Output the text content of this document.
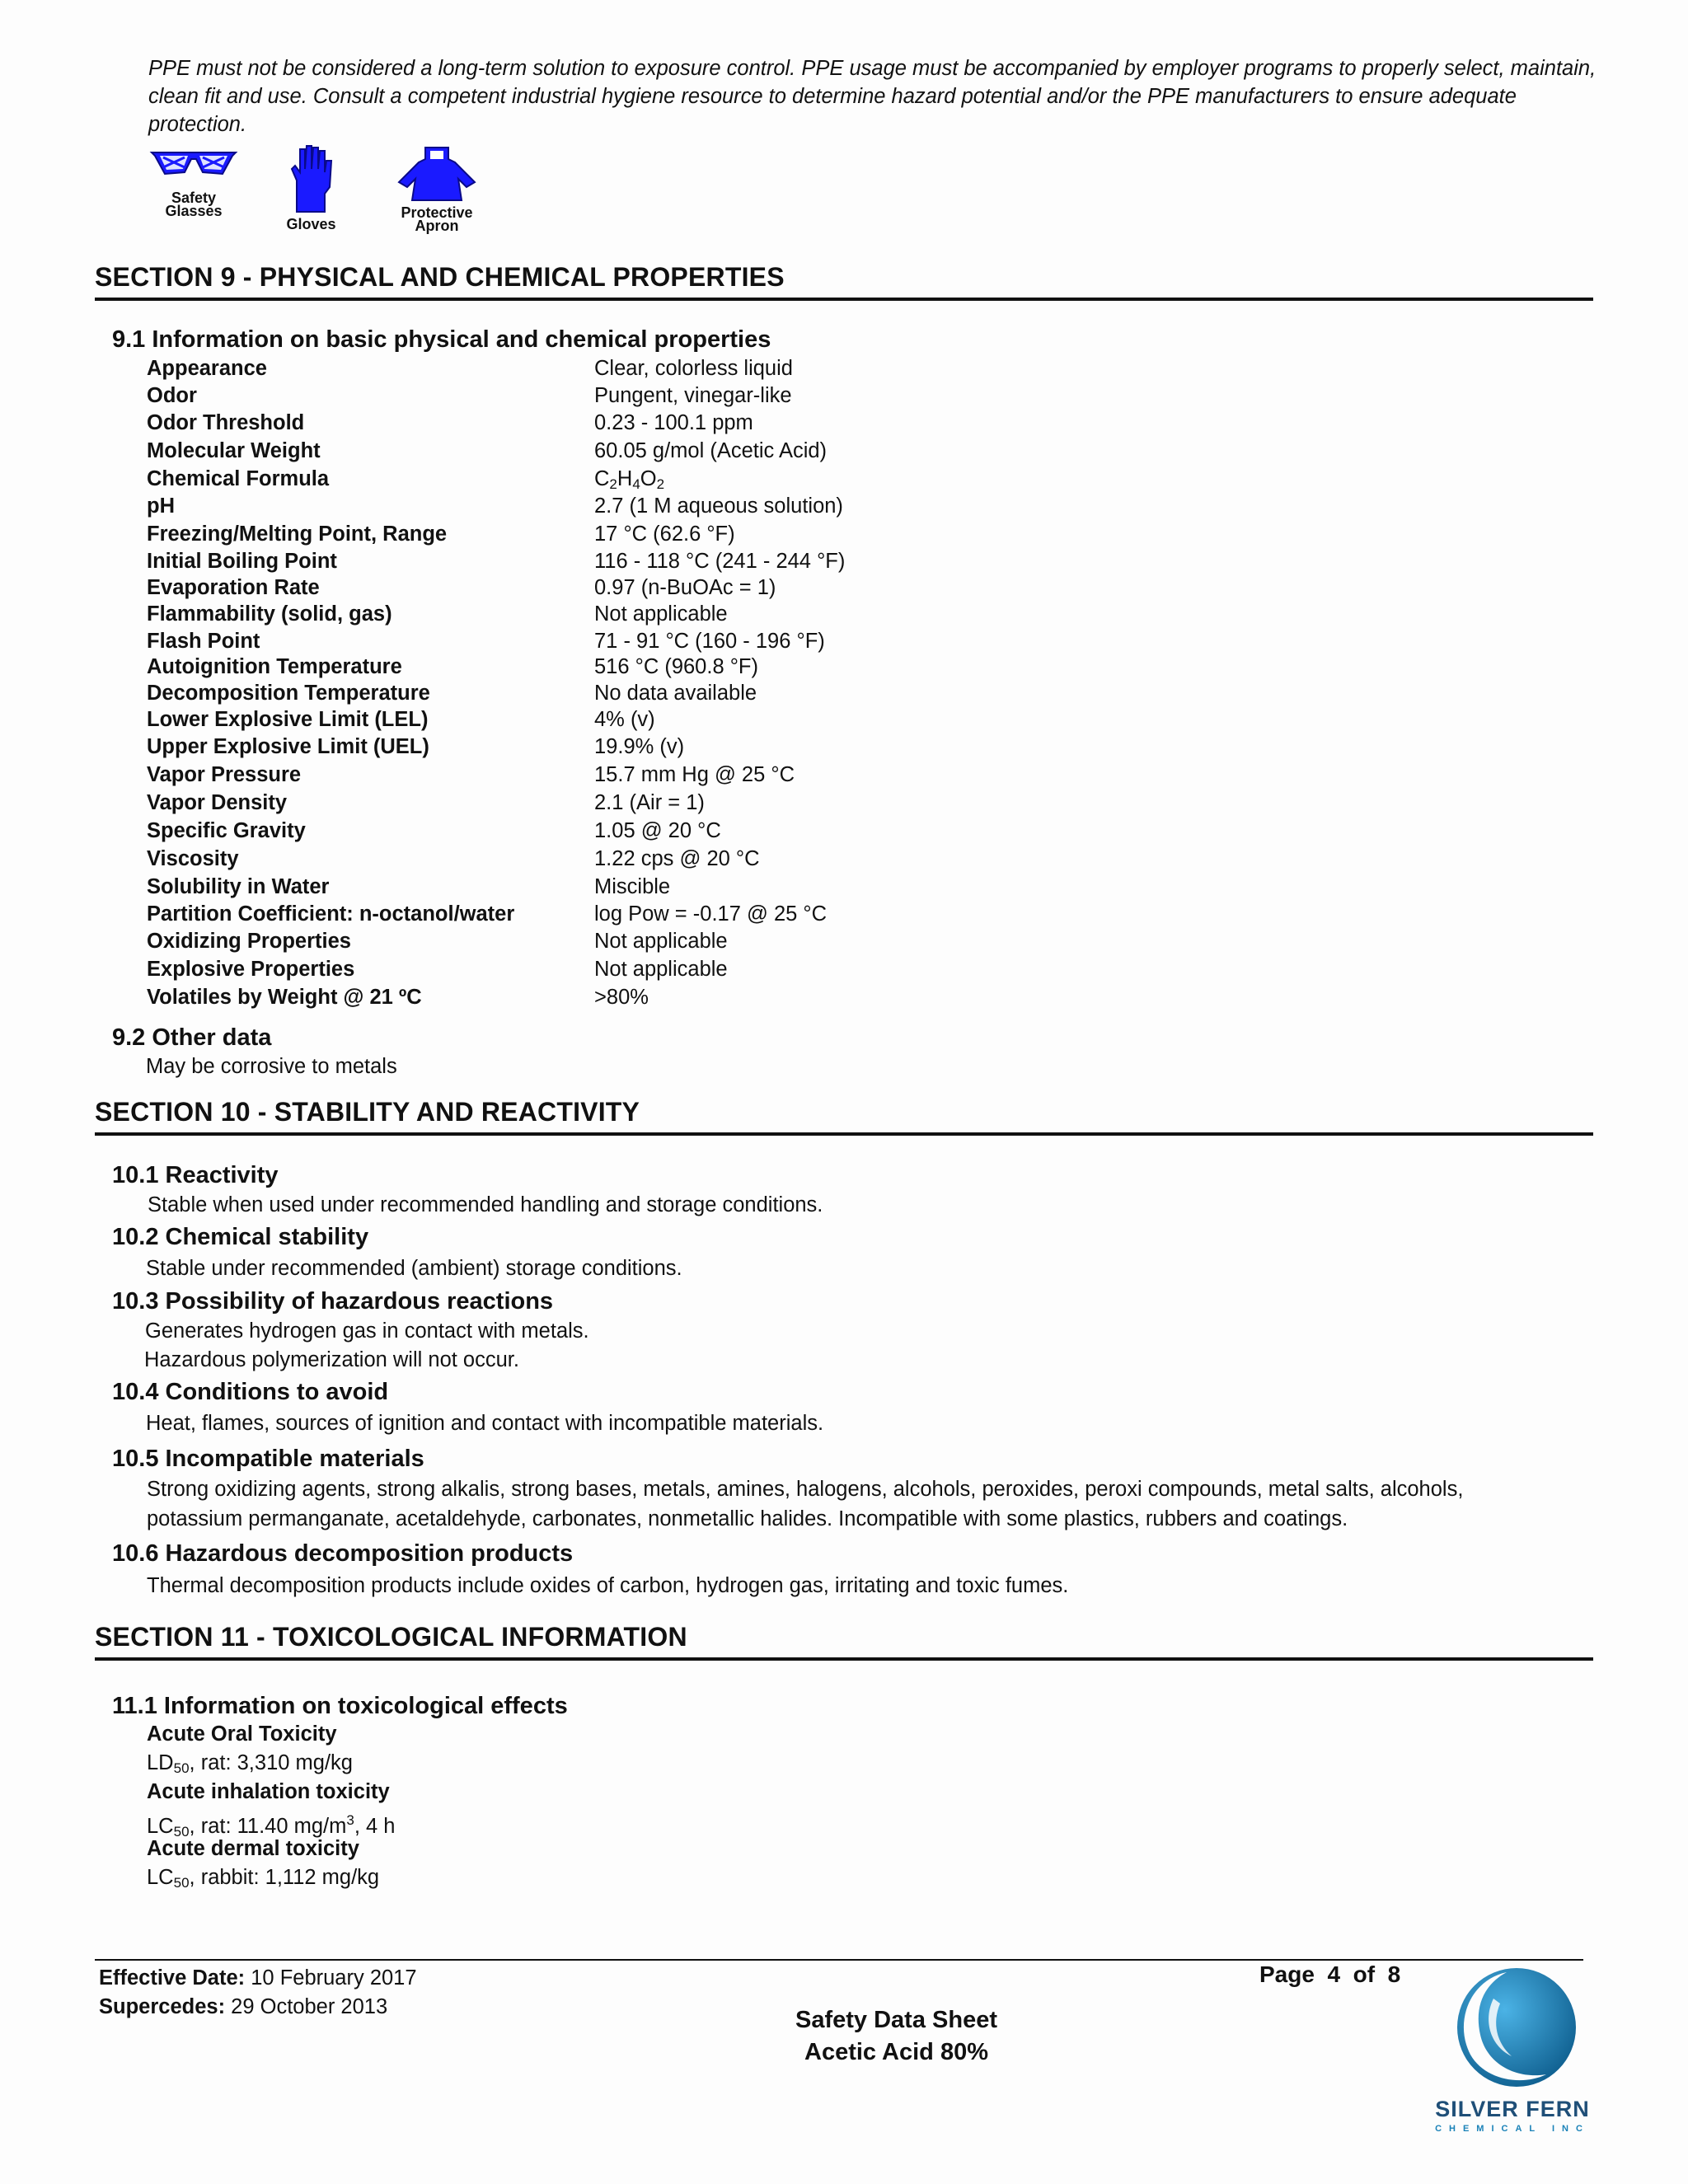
PPE must not be considered a long-term solution to exposure control. PPE usage must be accompanied by employer programs to properly select, maintain, clean fit and use. Consult a competent industrial hygiene resource to determine hazard potential and/or the PPE manufacturers to ensure adequate protection.

Safety
Glasses
Gloves
Protective
Apron
SECTION 9 - PHYSICAL AND CHEMICAL PROPERTIES
9.1 Information on basic physical and chemical properties
Appearance	Clear, colorless liquid
Odor	Pungent, vinegar-like
Odor Threshold	0.23 - 100.1 ppm
Molecular Weight	60.05 g/mol (Acetic Acid)
Chemical Formula	$C_2H_4O_2$
pH	2.7 (1 M aqueous solution)
Freezing/Melting Point, Range	17 °C (62.6 °F)
Initial Boiling Point	116 - 118 °C (241 - 244 °F)
Evaporation Rate	0.97 (n-BuOAc = 1)
Flammability (solid, gas)	Not applicable
Flash Point	71 - 91 °C (160 - 196 °F)
Autoignition Temperature	516 °C (960.8 °F)
Decomposition Temperature	No data available
Lower Explosive Limit (LEL)	4% (v)
Upper Explosive Limit (UEL)	19.9% (v)
Vapor Pressure	15.7 mm Hg @ 25 °C
Vapor Density	2.1 (Air = 1)
Specific Gravity	1.05 @ 20 °C
Viscosity	1.22 cps @ 20 °C
Solubility in Water	Miscible
Partition Coefficient: n-octanol/water	log Pow = -0.17 @ 25 °C
Oxidizing Properties	Not applicable
Explosive Properties	Not applicable
Volatiles by Weight @ 21 ºC	>80%
9.2 Other data
May be corrosive to metals
SECTION 10 - STABILITY AND REACTIVITY
10.1 Reactivity
Stable when used under recommended handling and storage conditions.
10.2 Chemical stability
Stable under recommended (ambient) storage conditions.
10.3 Possibility of hazardous reactions
Generates hydrogen gas in contact with metals.
Hazardous polymerization will not occur.
10.4 Conditions to avoid
Heat, flames, sources of ignition and contact with incompatible materials.
10.5 Incompatible materials
Strong oxidizing agents, strong alkalis, strong bases, metals, amines, halogens, alcohols, peroxides, peroxi compounds, metal salts, alcohols,
potassium permanganate, acetaldehyde, carbonates, nonmetallic halides. Incompatible with some plastics, rubbers and coatings.
10.6 Hazardous decomposition products
Thermal decomposition products include oxides of carbon, hydrogen gas, irritating and toxic fumes.
SECTION 11 - TOXICOLOGICAL INFORMATION
11.1 Information on toxicological effects
Acute Oral Toxicity
$LD_{50}$, rat: 3,310 mg/kg
Acute inhalation toxicity
$LC_{50}$, rat: 11.40 $mg/m^3$, 4 h
Acute dermal toxicity
$LC_{50}$, rabbit: 1,112 mg/kg
Effective Date: 10 February 2017
Supercedes: 29 October 2013
Page  4  of  8
Safety Data Sheet
Acetic Acid 80%
SILVER FERN
CHEMICAL INC
